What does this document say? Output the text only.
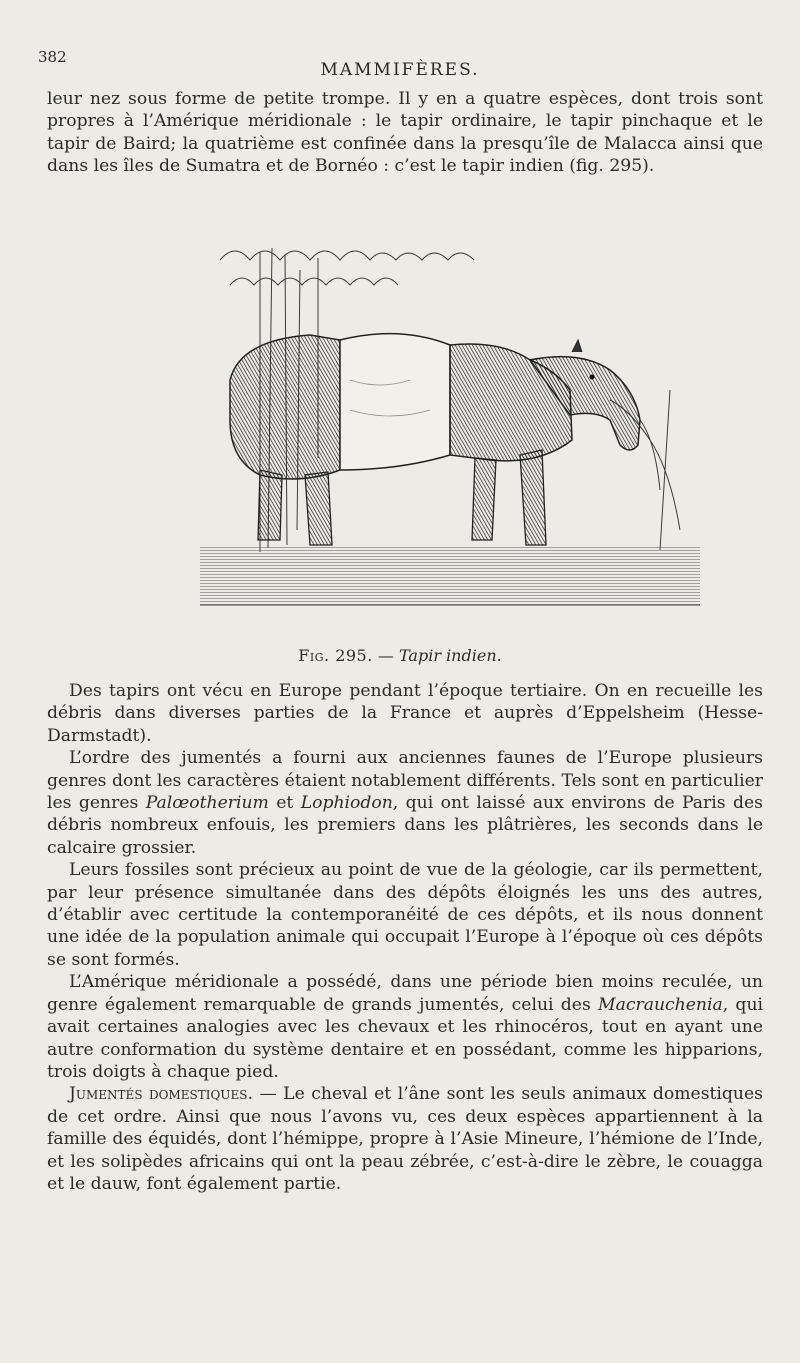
382
MAMMIFÈRES.

leur nez sous forme de petite trompe. Il y en a quatre espèces, dont trois sont propres à l’Amérique méridionale : le tapir ordinaire, le tapir pinchaque et le tapir de Baird; la quatrième est confinée dans la presqu’île de Malacca ainsi que dans les îles de Sumatra et de Bornéo : c’est le tapir indien (fig. 295).

Fig. 295. — Tapir indien.

Des tapirs ont vécu en Europe pendant l’époque tertiaire. On en recueille les débris dans diverses parties de la France et auprès d’Eppelsheim (Hesse-Darmstadt).

L’ordre des jumentés a fourni aux anciennes faunes de l’Europe plusieurs genres dont les caractères étaient notablement différents. Tels sont en particulier les genres Palœotherium et Lophiodon, qui ont laissé aux environs de Paris des débris nombreux enfouis, les premiers dans les plâtrières, les seconds dans le calcaire grossier.

Leurs fossiles sont précieux au point de vue de la géologie, car ils permettent, par leur présence simultanée dans des dépôts éloignés les uns des autres, d’établir avec certitude la contemporanéité de ces dépôts, et ils nous donnent une idée de la population animale qui occupait l’Europe à l’époque où ces dépôts se sont formés.

L’Amérique méridionale a possédé, dans une période bien moins reculée, un genre également remarquable de grands jumentés, celui des Macrauchenia, qui avait certaines analogies avec les chevaux et les rhinocéros, tout en ayant une autre conformation du système dentaire et en possédant, comme les hipparions, trois doigts à chaque pied.

Jumentés domestiques. — Le cheval et l’âne sont les seuls animaux domestiques de cet ordre. Ainsi que nous l’avons vu, ces deux espèces appartiennent à la famille des équidés, dont l’hémippe, propre à l’Asie Mineure, l’hémione de l’Inde, et les solipèdes africains qui ont la peau zébrée, c’est-à-dire le zèbre, le couagga et le dauw, font également partie.
